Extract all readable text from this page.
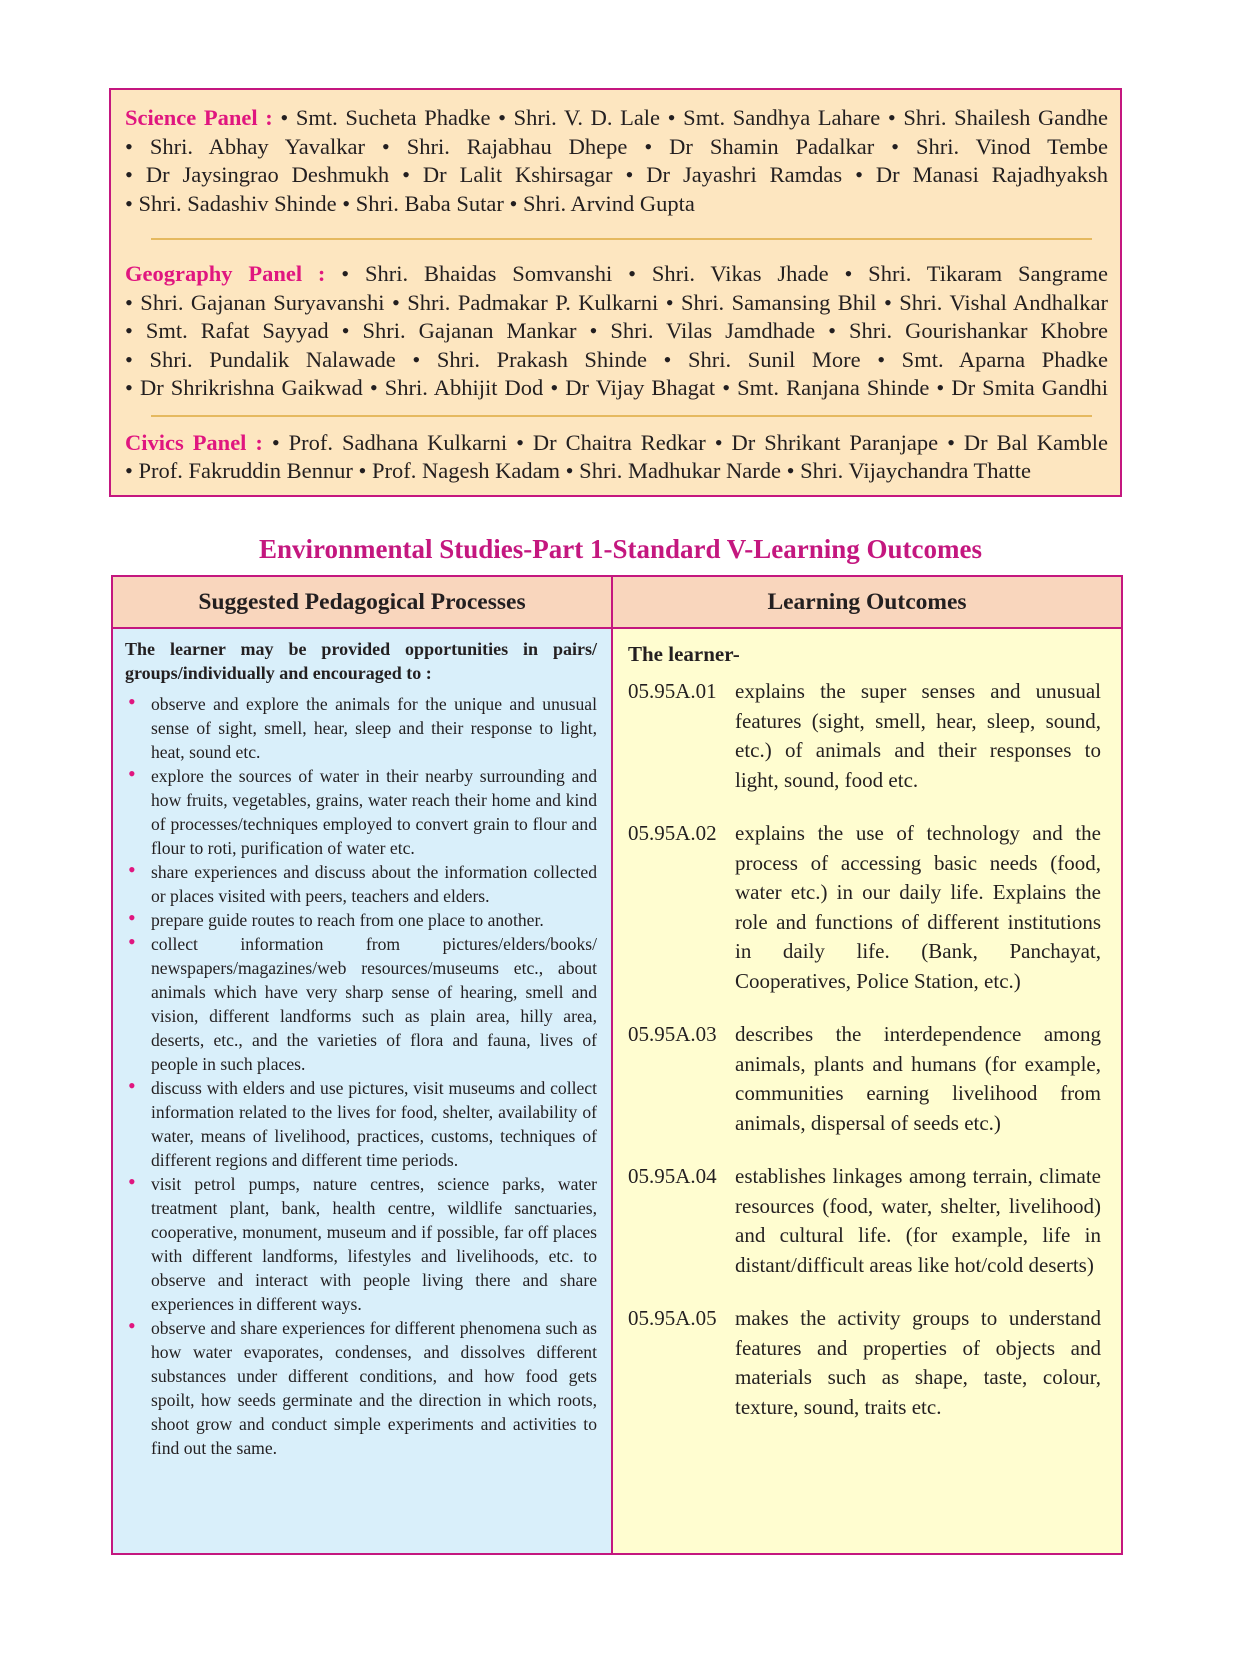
Science Panel : • Smt. Sucheta Phadke • Shri. V. D. Lale • Smt. Sandhya Lahare • Shri. Shailesh Gandhe

• Shri. Abhay Yavalkar • Shri. Rajabhau Dhepe • Dr Shamin Padalkar • Shri. Vinod Tembe

• Dr Jaysingrao Deshmukh • Dr Lalit Kshirsagar • Dr Jayashri Ramdas • Dr Manasi Rajadhyaksh

• Shri. Sadashiv Shinde • Shri. Baba Sutar • Shri. Arvind Gupta

Geography Panel : • Shri. Bhaidas Somvanshi • Shri. Vikas Jhade • Shri. Tikaram Sangrame

• Shri. Gajanan Suryavanshi • Shri. Padmakar P. Kulkarni • Shri. Samansing Bhil • Shri. Vishal Andhalkar

• Smt. Rafat Sayyad • Shri. Gajanan Mankar • Shri. Vilas Jamdhade • Shri. Gourishankar Khobre

• Shri. Pundalik Nalawade • Shri. Prakash Shinde • Shri. Sunil More • Smt. Aparna Phadke

• Dr Shrikrishna Gaikwad • Shri. Abhijit Dod • Dr Vijay Bhagat • Smt. Ranjana Shinde • Dr Smita Gandhi

Civics Panel : • Prof. Sadhana Kulkarni • Dr Chaitra Redkar • Dr Shrikant Paranjape • Dr Bal Kamble

• Prof. Fakruddin Bennur • Prof. Nagesh Kadam • Shri. Madhukar Narde • Shri. Vijaychandra Thatte

Environmental Studies-Part 1-Standard V-Learning Outcomes
Suggested Pedagogical Processes	Learning Outcomes

The learner may be provided opportunities in pairs/ groups/individually and encouraged to :

• observe and explore the animals for the unique and unusual sense of sight, smell, hear, sleep and their response to light, heat, sound etc.
• explore the sources of water in their nearby surrounding and how fruits, vegetables, grains, water reach their home and kind of processes/techniques employed to convert grain to flour and flour to roti, purification of water etc.
• share experiences and discuss about the information collected or places visited with peers, teachers and elders.
• prepare guide routes to reach from one place to another.
• collect information from pictures/elders/books/ newspapers/magazines/web resources/museums etc., about animals which have very sharp sense of hearing, smell and vision, different landforms such as plain area, hilly area, deserts, etc., and the varieties of flora and fauna, lives of people in such places.
• discuss with elders and use pictures, visit museums and collect information related to the lives for food, shelter, availability of water, means of livelihood, practices, customs, techniques of different regions and different time periods.
• visit petrol pumps, nature centres, science parks, water treatment plant, bank, health centre, wildlife sanctuaries, cooperative, monument, museum and if possible, far off places with different landforms, lifestyles and livelihoods, etc. to observe and interact with people living there and share experiences in different ways.
• observe and share experiences for different phenomena such as how water evaporates, condenses, and dissolves different substances under different conditions, and how food gets spoilt, how seeds germinate and the direction in which roots, shoot grow and conduct simple experiments and activities to find out the same.

The learner-

05.95A.01 explains the super senses and unusual features (sight, smell, hear, sleep, sound, etc.) of animals and their responses to light, sound, food etc.
05.95A.02 explains the use of technology and the process of accessing basic needs (food, water etc.) in our daily life. Explains the role and functions of different institutions in daily life. (Bank, Panchayat, Cooperatives, Police Station, etc.)
05.95A.03 describes the interdependence among animals, plants and humans (for example, communities earning livelihood from animals, dispersal of seeds etc.)
05.95A.04 establishes linkages among terrain, climate resources (food, water, shelter, livelihood) and cultural life. (for example, life in distant/difficult areas like hot/cold deserts)
05.95A.05 makes the activity groups to understand features and properties of objects and materials such as shape, taste, colour, texture, sound, traits etc.
